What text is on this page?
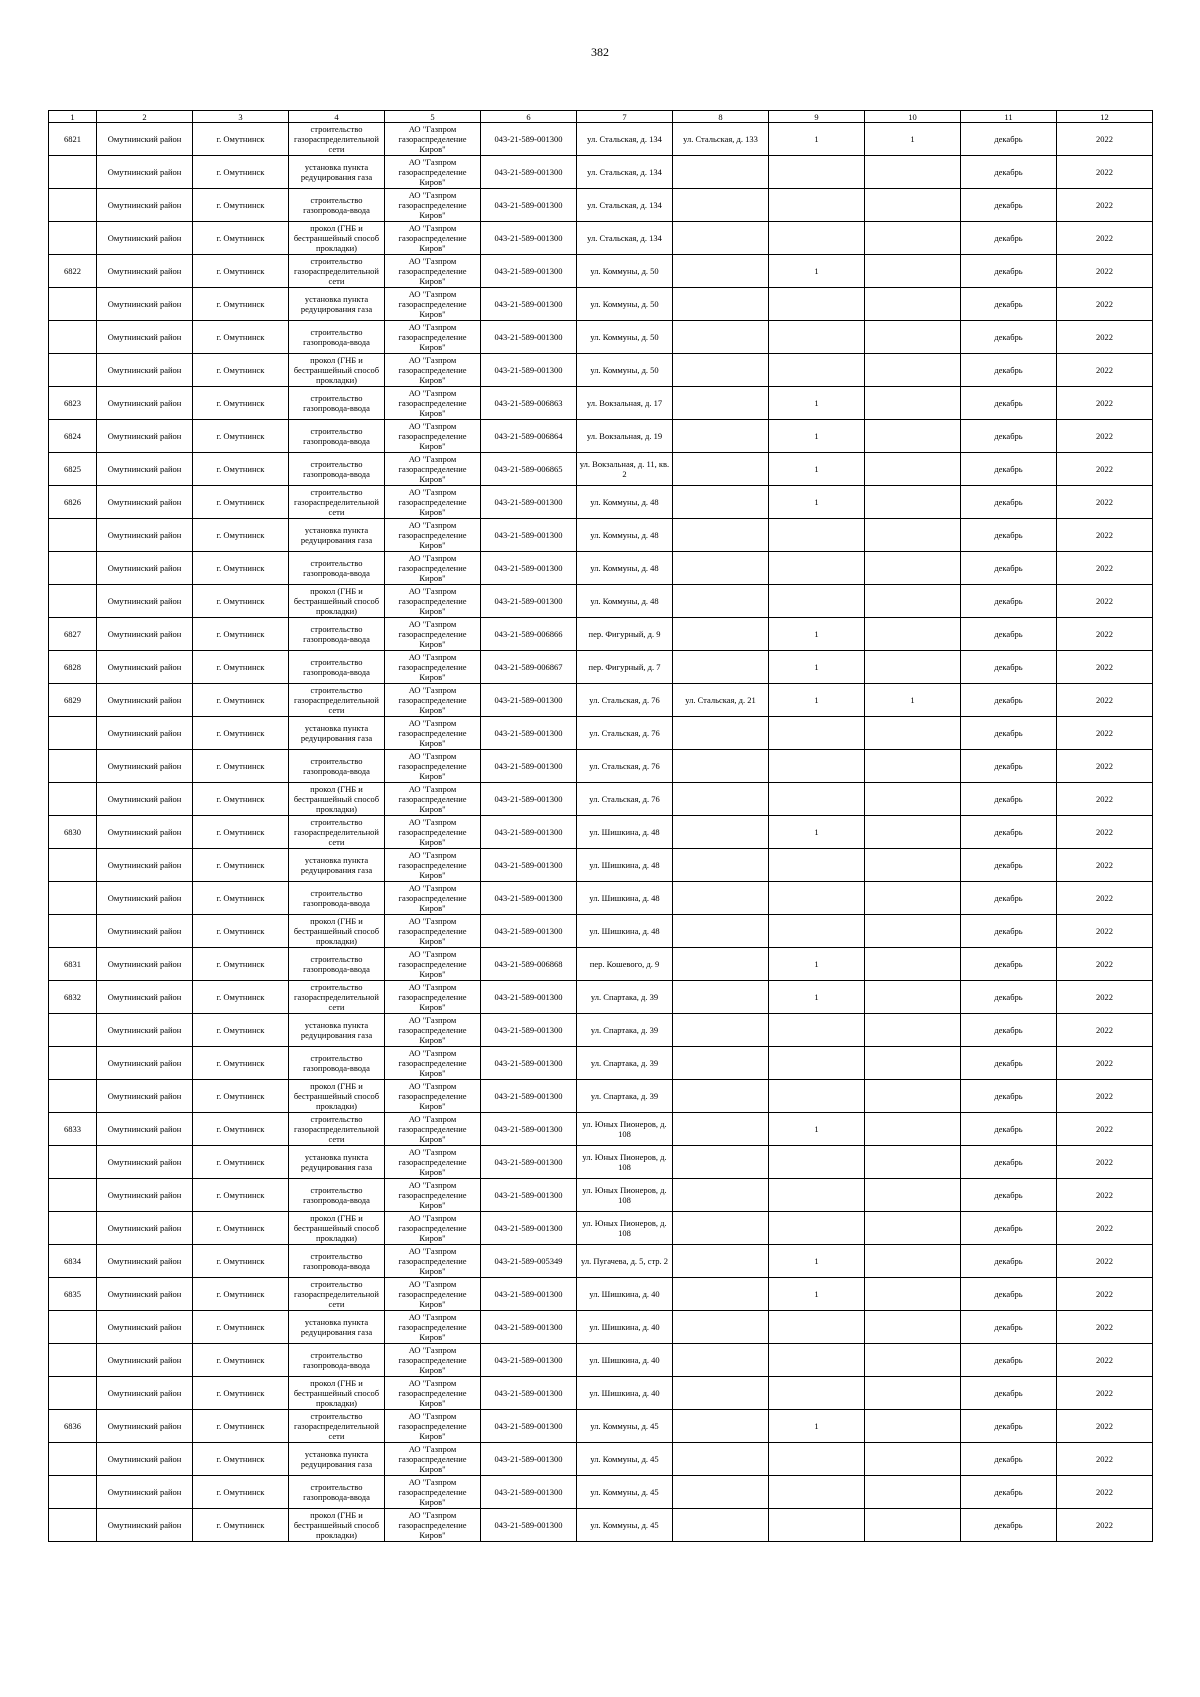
382
1	2	3	4	5	6	7	8	9	10	11	12

6821	Омутнинский район	г. Омутнинск	строительство газораспределительной сети	АО "Газпром газораспределение Киров"	043-21-589-001300	ул. Стальская, д. 134	ул. Стальская, д. 133	1	1	декабрь	2022

Омутнинский район	г. Омутнинск	установка пункта редуцирования газа	АО "Газпром газораспределение Киров"	043-21-589-001300	ул. Стальская, д. 134				декабрь	2022

Омутнинский район	г. Омутнинск	строительство газопровода-ввода	АО "Газпром газораспределение Киров"	043-21-589-001300	ул. Стальская, д. 134				декабрь	2022

Омутнинский район	г. Омутнинск	прокол (ГНБ и бестраншейный способ прокладки)	АО "Газпром газораспределение Киров"	043-21-589-001300	ул. Стальская, д. 134				декабрь	2022

6822	Омутнинский район	г. Омутнинск	строительство газораспределительной сети	АО "Газпром газораспределение Киров"	043-21-589-001300	ул. Коммуны, д. 50		1		декабрь	2022

Омутнинский район	г. Омутнинск	установка пункта редуцирования газа	АО "Газпром газораспределение Киров"	043-21-589-001300	ул. Коммуны, д. 50				декабрь	2022

Омутнинский район	г. Омутнинск	строительство газопровода-ввода	АО "Газпром газораспределение Киров"	043-21-589-001300	ул. Коммуны, д. 50				декабрь	2022

Омутнинский район	г. Омутнинск	прокол (ГНБ и бестраншейный способ прокладки)	АО "Газпром газораспределение Киров"	043-21-589-001300	ул. Коммуны, д. 50				декабрь	2022

6823	Омутнинский район	г. Омутнинск	строительство газопровода-ввода	АО "Газпром газораспределение Киров"	043-21-589-006863	ул. Вокзальная, д. 17		1		декабрь	2022

6824	Омутнинский район	г. Омутнинск	строительство газопровода-ввода	АО "Газпром газораспределение Киров"	043-21-589-006864	ул. Вокзальная, д. 19		1		декабрь	2022

6825	Омутнинский район	г. Омутнинск	строительство газопровода-ввода	АО "Газпром газораспределение Киров"	043-21-589-006865	ул. Вокзальная, д. 11, кв. 2		1		декабрь	2022

6826	Омутнинский район	г. Омутнинск	строительство газораспределительной сети	АО "Газпром газораспределение Киров"	043-21-589-001300	ул. Коммуны, д. 48		1		декабрь	2022

Омутнинский район	г. Омутнинск	установка пункта редуцирования газа	АО "Газпром газораспределение Киров"	043-21-589-001300	ул. Коммуны, д. 48				декабрь	2022

Омутнинский район	г. Омутнинск	строительство газопровода-ввода	АО "Газпром газораспределение Киров"	043-21-589-001300	ул. Коммуны, д. 48				декабрь	2022

Омутнинский район	г. Омутнинск	прокол (ГНБ и бестраншейный способ прокладки)	АО "Газпром газораспределение Киров"	043-21-589-001300	ул. Коммуны, д. 48				декабрь	2022

6827	Омутнинский район	г. Омутнинск	строительство газопровода-ввода	АО "Газпром газораспределение Киров"	043-21-589-006866	пер. Фигурный, д. 9		1		декабрь	2022

6828	Омутнинский район	г. Омутнинск	строительство газопровода-ввода	АО "Газпром газораспределение Киров"	043-21-589-006867	пер. Фигурный, д. 7		1		декабрь	2022

6829	Омутнинский район	г. Омутнинск	строительство газораспределительной сети	АО "Газпром газораспределение Киров"	043-21-589-001300	ул. Стальская, д. 76	ул. Стальская, д. 21	1	1	декабрь	2022

Омутнинский район	г. Омутнинск	установка пункта редуцирования газа	АО "Газпром газораспределение Киров"	043-21-589-001300	ул. Стальская, д. 76				декабрь	2022

Омутнинский район	г. Омутнинск	строительство газопровода-ввода	АО "Газпром газораспределение Киров"	043-21-589-001300	ул. Стальская, д. 76				декабрь	2022

Омутнинский район	г. Омутнинск	прокол (ГНБ и бестраншейный способ прокладки)	АО "Газпром газораспределение Киров"	043-21-589-001300	ул. Стальская, д. 76				декабрь	2022

6830	Омутнинский район	г. Омутнинск	строительство газораспределительной сети	АО "Газпром газораспределение Киров"	043-21-589-001300	ул. Шишкина, д. 48		1		декабрь	2022

Омутнинский район	г. Омутнинск	установка пункта редуцирования газа	АО "Газпром газораспределение Киров"	043-21-589-001300	ул. Шишкина, д. 48				декабрь	2022

Омутнинский район	г. Омутнинск	строительство газопровода-ввода	АО "Газпром газораспределение Киров"	043-21-589-001300	ул. Шишкина, д. 48				декабрь	2022

Омутнинский район	г. Омутнинск	прокол (ГНБ и бестраншейный способ прокладки)	АО "Газпром газораспределение Киров"	043-21-589-001300	ул. Шишкина, д. 48				декабрь	2022

6831	Омутнинский район	г. Омутнинск	строительство газопровода-ввода	АО "Газпром газораспределение Киров"	043-21-589-006868	пер. Кошевого, д. 9		1		декабрь	2022

6832	Омутнинский район	г. Омутнинск	строительство газораспределительной сети	АО "Газпром газораспределение Киров"	043-21-589-001300	ул. Спартака, д. 39		1		декабрь	2022

Омутнинский район	г. Омутнинск	установка пункта редуцирования газа	АО "Газпром газораспределение Киров"	043-21-589-001300	ул. Спартака, д. 39				декабрь	2022

Омутнинский район	г. Омутнинск	строительство газопровода-ввода	АО "Газпром газораспределение Киров"	043-21-589-001300	ул. Спартака, д. 39				декабрь	2022

Омутнинский район	г. Омутнинск	прокол (ГНБ и бестраншейный способ прокладки)	АО "Газпром газораспределение Киров"	043-21-589-001300	ул. Спартака, д. 39				декабрь	2022

6833	Омутнинский район	г. Омутнинск	строительство газораспределительной сети	АО "Газпром газораспределение Киров"	043-21-589-001300	ул. Юных Пионеров, д. 108		1		декабрь	2022

Омутнинский район	г. Омутнинск	установка пункта редуцирования газа	АО "Газпром газораспределение Киров"	043-21-589-001300	ул. Юных Пионеров, д. 108				декабрь	2022

Омутнинский район	г. Омутнинск	строительство газопровода-ввода	АО "Газпром газораспределение Киров"	043-21-589-001300	ул. Юных Пионеров, д. 108				декабрь	2022

Омутнинский район	г. Омутнинск	прокол (ГНБ и бестраншейный способ прокладки)	АО "Газпром газораспределение Киров"	043-21-589-001300	ул. Юных Пионеров, д. 108				декабрь	2022

6834	Омутнинский район	г. Омутнинск	строительство газопровода-ввода	АО "Газпром газораспределение Киров"	043-21-589-005349	ул. Пугачева, д. 5, стр. 2		1		декабрь	2022

6835	Омутнинский район	г. Омутнинск	строительство газораспределительной сети	АО "Газпром газораспределение Киров"	043-21-589-001300	ул. Шишкина, д. 40		1		декабрь	2022

Омутнинский район	г. Омутнинск	установка пункта редуцирования газа	АО "Газпром газораспределение Киров"	043-21-589-001300	ул. Шишкина, д. 40				декабрь	2022

Омутнинский район	г. Омутнинск	строительство газопровода-ввода	АО "Газпром газораспределение Киров"	043-21-589-001300	ул. Шишкина, д. 40				декабрь	2022

Омутнинский район	г. Омутнинск	прокол (ГНБ и бестраншейный способ прокладки)	АО "Газпром газораспределение Киров"	043-21-589-001300	ул. Шишкина, д. 40				декабрь	2022

6836	Омутнинский район	г. Омутнинск	строительство газораспределительной сети	АО "Газпром газораспределение Киров"	043-21-589-001300	ул. Коммуны, д. 45		1		декабрь	2022

Омутнинский район	г. Омутнинск	установка пункта редуцирования газа	АО "Газпром газораспределение Киров"	043-21-589-001300	ул. Коммуны, д. 45				декабрь	2022

Омутнинский район	г. Омутнинск	строительство газопровода-ввода	АО "Газпром газораспределение Киров"	043-21-589-001300	ул. Коммуны, д. 45				декабрь	2022

Омутнинский район	г. Омутнинск	прокол (ГНБ и бестраншейный способ прокладки)	АО "Газпром газораспределение Киров"	043-21-589-001300	ул. Коммуны, д. 45				декабрь	2022
